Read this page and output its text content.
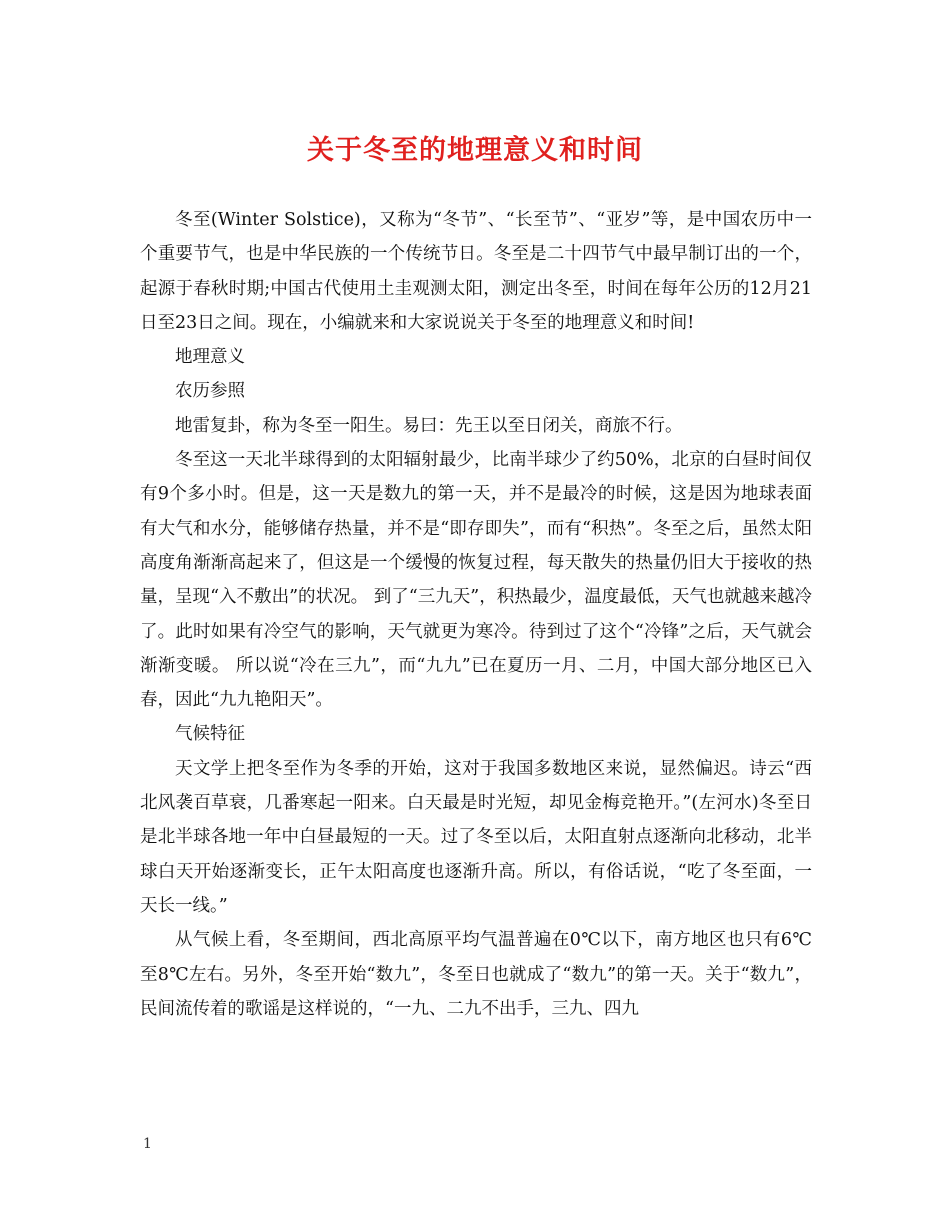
关于冬至的地理意义和时间

冬至(Winter Solstice)，又称为“冬节”、“长至节”、“亚岁”等，是中国农历中一个重要节气，也是中华民族的一个传统节日。冬至是二十四节气中最早制订出的一个，起源于春秋时期;中国古代使用土圭观测太阳，测定出冬至，时间在每年公历的12月21日至23日之间。现在，小编就来和大家说说关于冬至的地理意义和时间!

地理意义

农历参照

地雷复卦，称为冬至一阳生。易曰：先王以至日闭关，商旅不行。

冬至这一天北半球得到的太阳辐射最少，比南半球少了约50%，北京的白昼时间仅有9个多小时。但是，这一天是数九的第一天，并不是最冷的时候，这是因为地球表面有大气和水分，能够储存热量，并不是“即存即失”，而有“积热”。冬至之后，虽然太阳高度角渐渐高起来了，但这是一个缓慢的恢复过程，每天散失的热量仍旧大于接收的热量，呈现“入不敷出”的状况。 到了“三九天”，积热最少，温度最低，天气也就越来越冷了。此时如果有冷空气的影响，天气就更为寒冷。待到过了这个“冷锋”之后，天气就会渐渐变暖。 所以说“冷在三九”，而“九九”已在夏历一月、二月，中国大部分地区已入春，因此“九九艳阳天”。

气候特征

天文学上把冬至作为冬季的开始，这对于我国多数地区来说，显然偏迟。诗云“西北风袭百草衰，几番寒起一阳来。白天最是时光短，却见金梅竞艳开。”(左河水)冬至日是北半球各地一年中白昼最短的一天。过了冬至以后，太阳直射点逐渐向北移动，北半球白天开始逐渐变长，正午太阳高度也逐渐升高。所以，有俗话说，“吃了冬至面，一天长一线。”

从气候上看，冬至期间，西北高原平均气温普遍在0℃以下，南方地区也只有6℃至8℃左右。另外，冬至开始“数九”，冬至日也就成了“数九”的第一天。关于“数九”，民间流传着的歌谣是这样说的，“一九、二九不出手，三九、四九

1
